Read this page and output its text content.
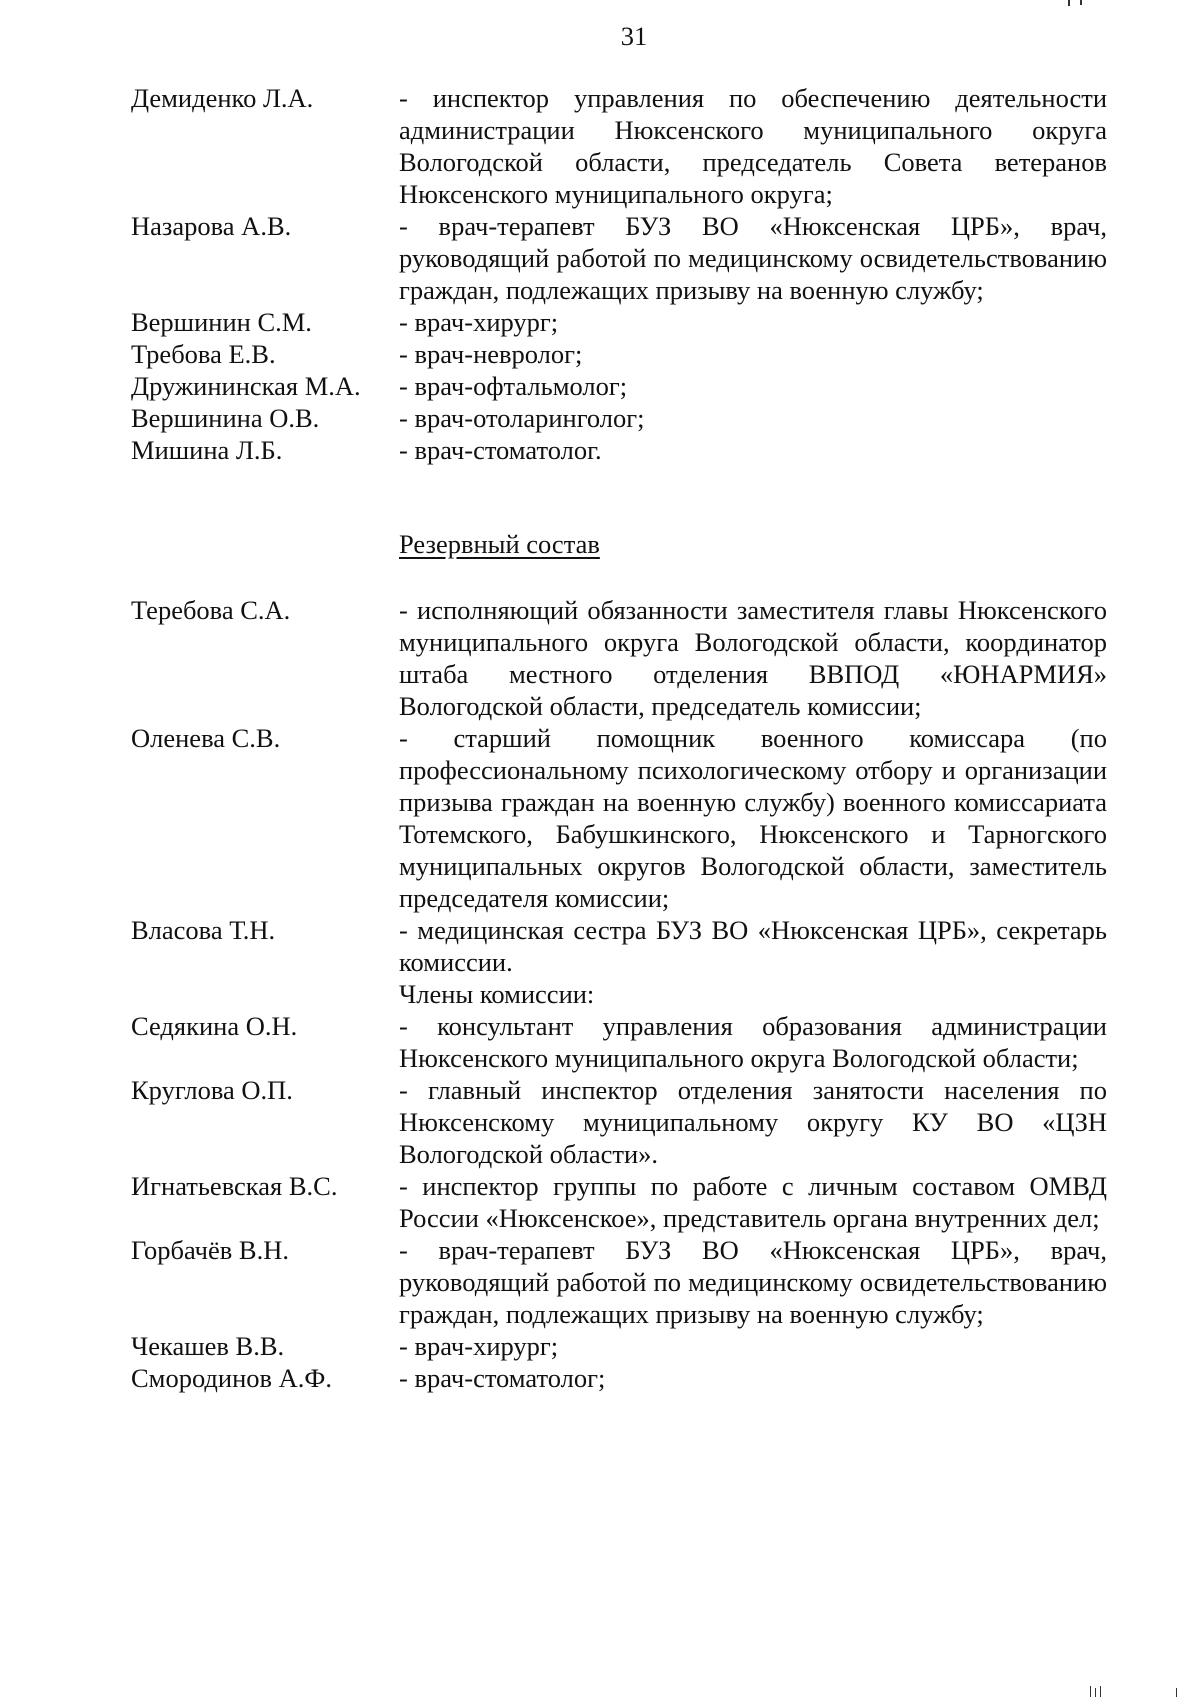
31
Демиденко Л.А.	- инспектор управления по обеспечению деятельности администрации Нюксенского муниципального округа Вологодской области, председатель Совета ветеранов Нюксенского муниципального округа;
Назарова А.В.	- врач-терапевт БУЗ ВО «Нюксенская ЦРБ», врач, руководящий работой по медицинскому освидетельствованию граждан, подлежащих призыву на военную службу;
Вершинин С.М.	- врач-хирург;
Требова Е.В.	- врач-невролог;
Дружининская М.А.	- врач-офтальмолог;
Вершинина О.В.	- врач-отоларинголог;
Мишина Л.Б.	- врач-стоматолог.
Резервный состав
Теребова С.А.	- исполняющий обязанности заместителя главы Нюксенского муниципального округа Вологодской области, координатор штаба местного отделения ВВПОД «ЮНАРМИЯ» Вологодской области, председатель комиссии;
Оленева С.В.	- старший помощник военного комиссара (по профессиональному психологическому отбору и организации призыва граждан на военную службу) военного комиссариата Тотемского, Бабушкинского, Нюксенского и Тарногского муниципальных округов Вологодской области, заместитель председателя комиссии;
Власова Т.Н.	- медицинская сестра БУЗ ВО «Нюксенская ЦРБ», секретарь комиссии.
Члены комиссии:
Седякина О.Н.	- консультант управления образования администрации Нюксенского муниципального округа Вологодской области;
Круглова О.П.	- главный инспектор отделения занятости населения по Нюксенскому муниципальному округу КУ ВО «ЦЗН Вологодской области».
Игнатьевская В.С.	- инспектор группы по работе с личным составом ОМВД России «Нюксенское», представитель органа внутренних дел;
Горбачёв В.Н.	- врач-терапевт БУЗ ВО «Нюксенская ЦРБ», врач, руководящий работой по медицинскому освидетельствованию граждан, подлежащих призыву на военную службу;
Чекашев В.В.	- врач-хирург;
Смородинов А.Ф.	- врач-стоматолог;
